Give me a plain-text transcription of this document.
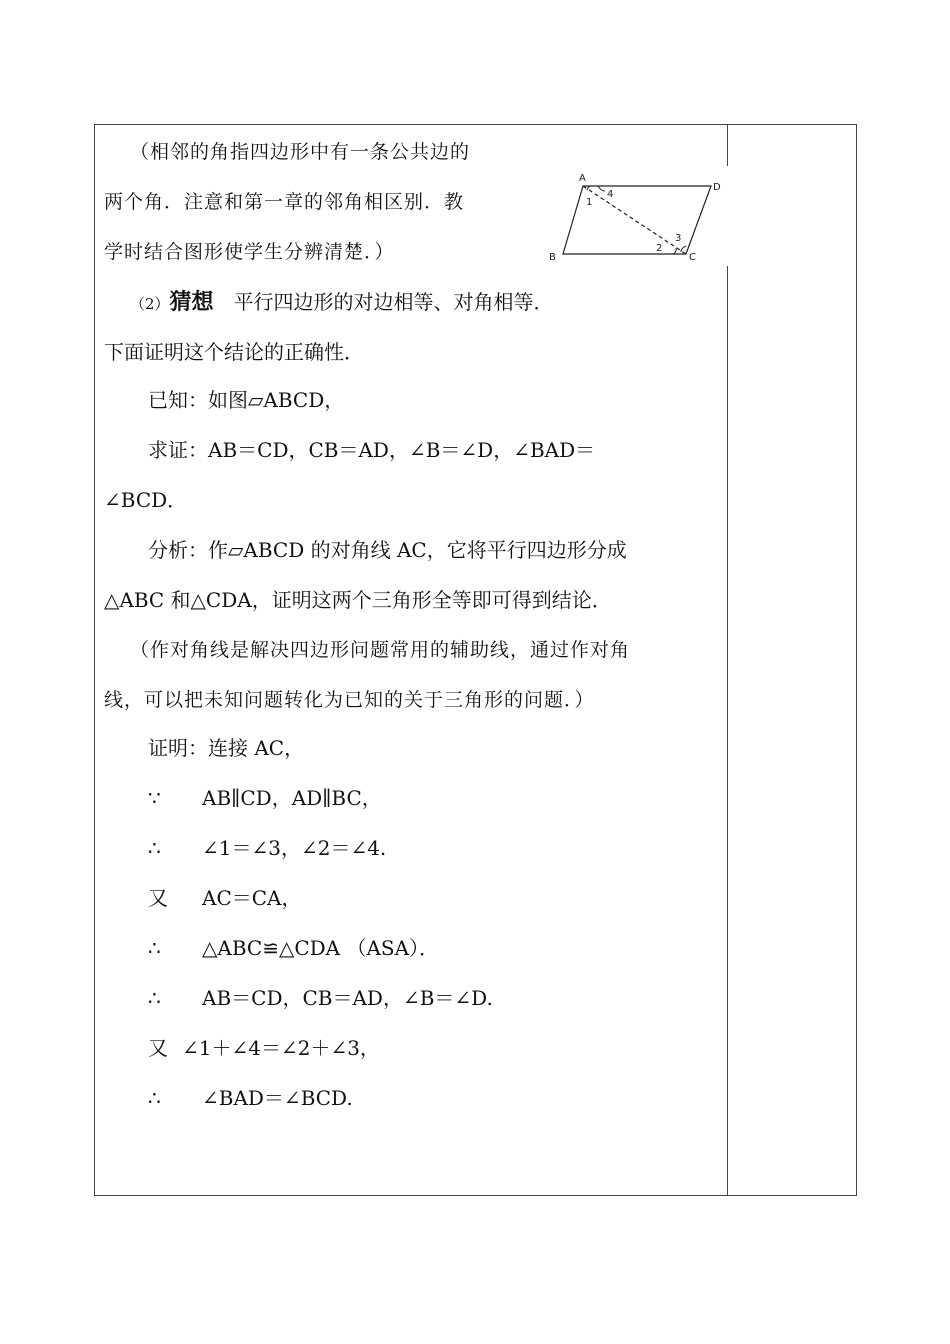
（相邻的角指四边形中有一条公共边的
两个角．注意和第一章的邻角相区别．教
学时结合图形使学生分辨清楚．）
A
B	C
D
1
4
2
3
（2）猜想 平行四边形的对边相等、对角相等．
下面证明这个结论的正确性．
已知：如图▱ABCD，
求证：AB＝CD，CB＝AD，∠B＝∠D，∠BAD＝
∠BCD．
分析：作▱ABCD 的对角线 AC，它将平行四边形分成
△ABC 和△CDA，证明这两个三角形全等即可得到结论．
（作对角线是解决四边形问题常用的辅助线，通过作对角
线，可以把未知问题转化为已知的关于三角形的问题．）
证明：连接 AC，
∵ AB∥CD，AD∥BC，
∴ ∠1＝∠3，∠2＝∠4.
又 AC＝CA，
∴ △ABC≌△CDA （ASA）．
∴ AB＝CD，CB＝AD，∠B＝∠D.
又 ∠1＋∠4＝∠2＋∠3，
∴ ∠BAD＝∠BCD.
